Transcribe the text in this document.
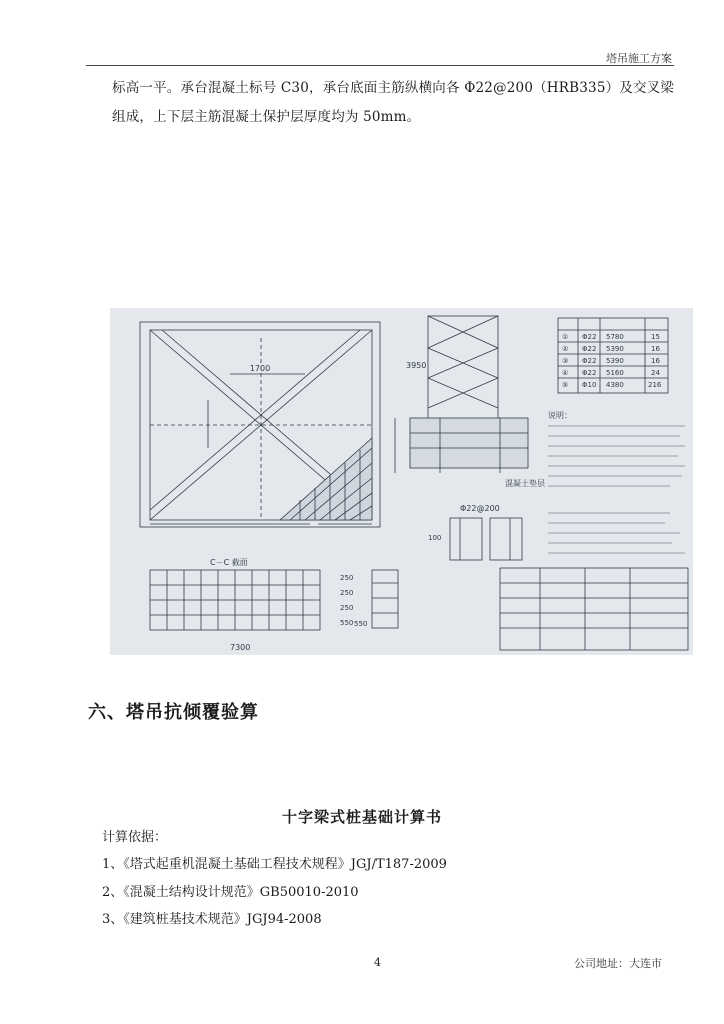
塔吊施工方案
标高一平。承台混凝土标号 C30，承台底面主筋纵横向各 Φ22@200（HRB335）及交叉梁
组成，上下层主筋混凝土保护层厚度均为 50mm。
1700	3950
7300
C－C 截面
混凝土垫层
Φ22@200
250
250
250
550
100
550
说明：
① Φ22 5780	15
② Φ22 5390	16
③ Φ22 5390	16
④ Φ22 5160	24
⑤ Φ10 4380	216
六、塔吊抗倾覆验算
十字梁式桩基础计算书
计算依据：
1、《塔式起重机混凝土基础工程技术规程》JGJ/T187-2009
2、《混凝土结构设计规范》GB50010-2010
3、《建筑桩基技术规范》JGJ94-2008
4	公司地址：大连市
